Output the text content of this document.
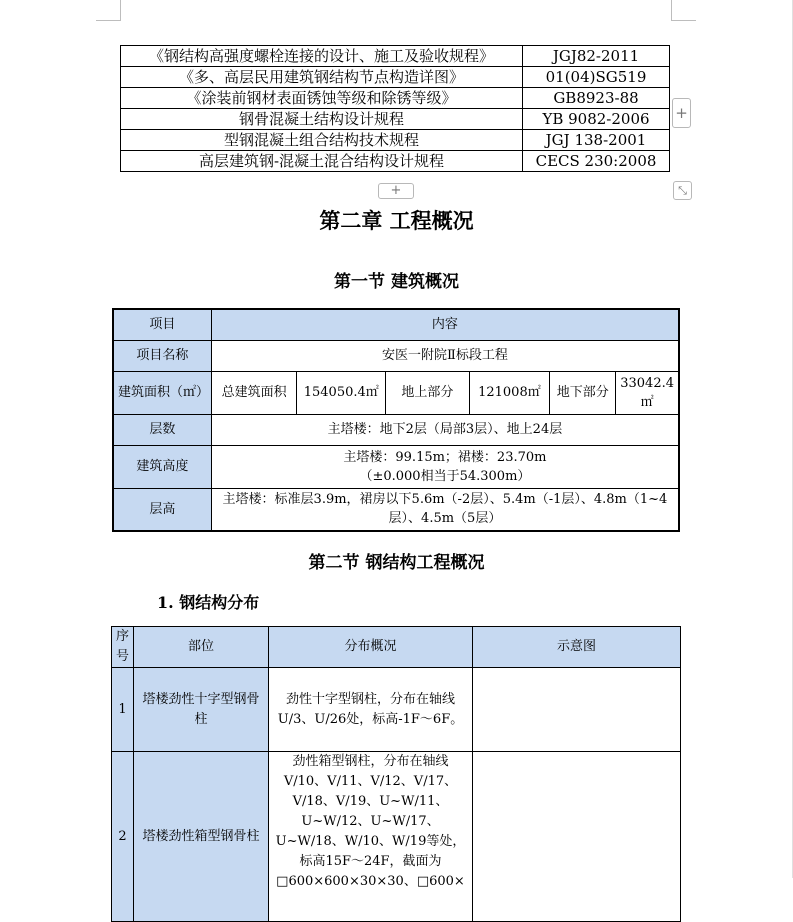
《钢结构高强度螺栓连接的设计、施工及验收规程》	JGJ82-2011
《多、高层民用建筑钢结构节点构造详图》	01(04)SG519
《涂装前钢材表面锈蚀等级和除锈等级》	GB8923-88
钢骨混凝土结构设计规程	YB 9082-2006
型钢混凝土组合结构技术规程	JGJ 138-2001
高层建筑钢-混凝土混合结构设计规程	CECS 230:2008
+
+	⤡
第二章 工程概况
第一节 建筑概况
项目	内容					
项目名称	安医一附院Ⅱ标段工程					
建筑面积（㎡）	总建筑面积	154050.4㎡	地上部分	121008㎡	地下部分	33042.4㎡
层数	主塔楼：地下2层（局部3层）、地上24层					
建筑高度	主塔楼：99.15m；裙楼：23.70m
（±0.000相当于54.300m）					

层高	主塔楼：标准层3.9m，裙房以下5.6m（-2层）、5.4m（-1层）、4.8m（1~4层）、4.5m（5层）					
第二节 钢结构工程概况
1. 钢结构分布
序号	部位	分布概况	示意图
1	塔楼劲性十字型钢骨柱	劲性十字型钢柱，分布在轴线U/3、U/26处，标高-1F～6F。	
2	塔楼劲性箱型钢骨柱	劲性箱型钢柱，分布在轴线V/10、V/11、V/12、V/17、V/18、V/19、U~W/11、U~W/12、U~W/17、U~W/18、W/10、W/19等处，标高15F～24F，截面为□600×600×30×30、□600×	
